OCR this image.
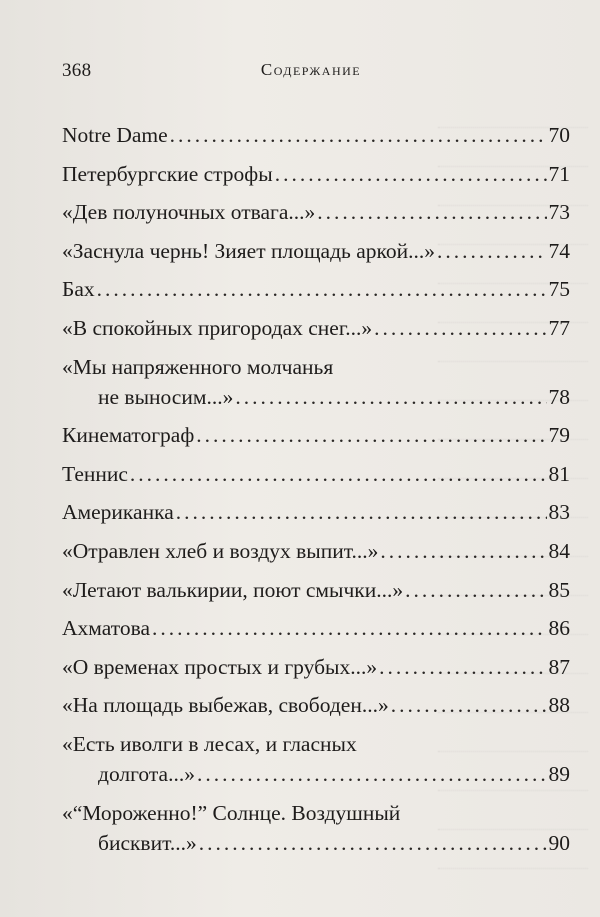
368	Содержание
Notre Dame .....	70
Петербургские строфы .....	71
«Дев полуночных отвага...» .....	73
«Заснула чернь! Зияет площадь аркой...» .....	74
Бах .....	75
«В спокойных пригородах снег...» .....	77
«Мы напряженного молчанья
не выносим...» .....	78
Кинематограф .....	79
Теннис .....	81
Американка .....	83
«Отравлен хлеб и воздух выпит...» .....	84
«Летают валькирии, поют смычки...» .....	85
Ахматова .....	86
«О временах простых и грубых...» .....	87
«На площадь выбежав, свободен...» .....	88
«Есть иволги в лесах, и гласных
долгота...» .....	89
«“Мороженно!” Солнце. Воздушный
бисквит...» .....	90
